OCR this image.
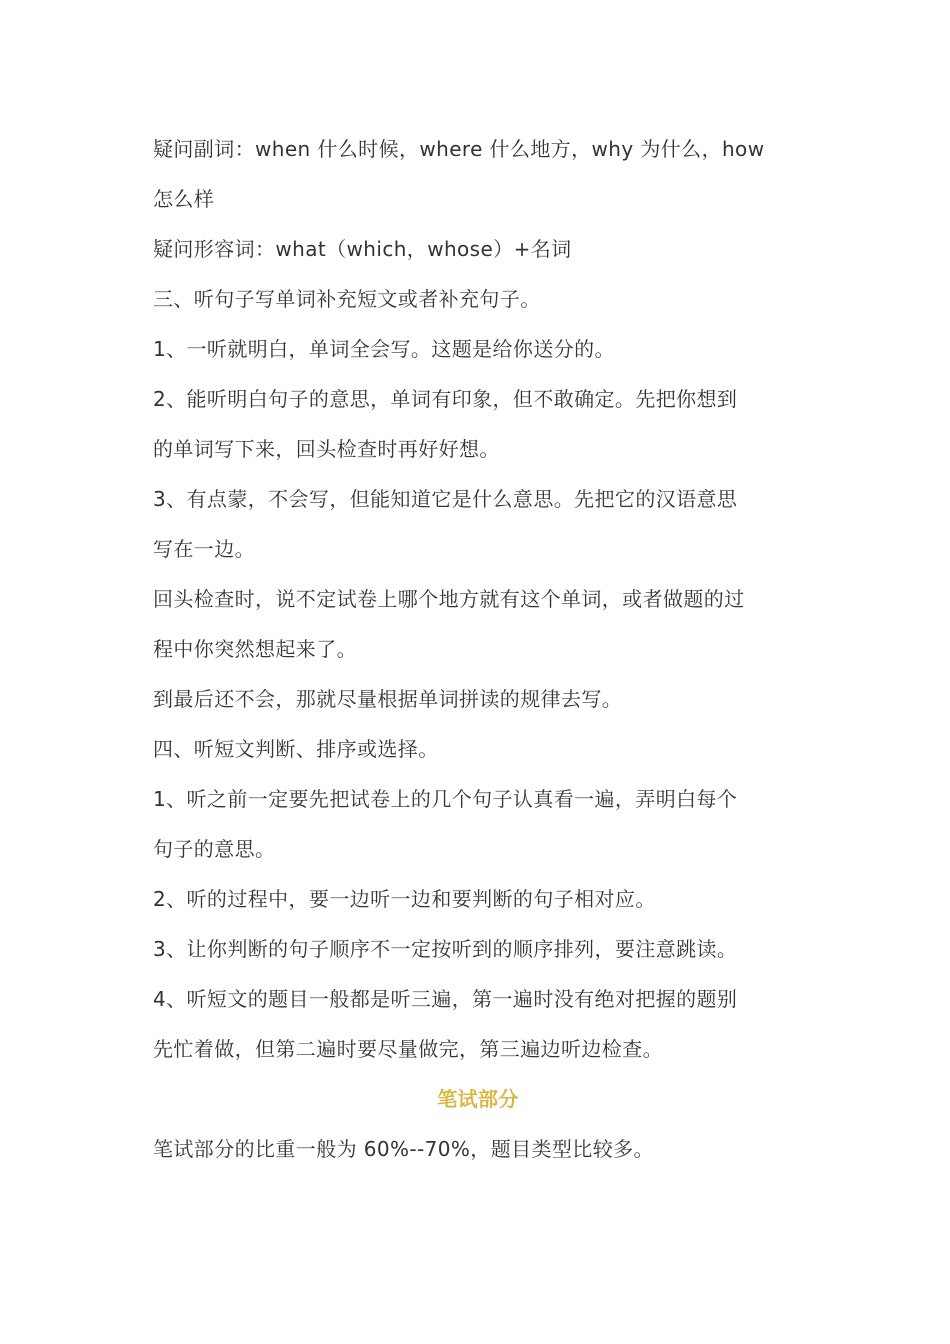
疑问副词：when 什么时候，where 什么地方，why 为什么，how
怎么样
疑问形容词：what（which，whose）+名词
三、听句子写单词补充短文或者补充句子。
1、一听就明白，单词全会写。这题是给你送分的。
2、能听明白句子的意思，单词有印象，但不敢确定。先把你想到
的单词写下来，回头检查时再好好想。
3、有点蒙，不会写，但能知道它是什么意思。先把它的汉语意思
写在一边。
回头检查时，说不定试卷上哪个地方就有这个单词，或者做题的过
程中你突然想起来了。
到最后还不会，那就尽量根据单词拼读的规律去写。
四、听短文判断、排序或选择。
1、听之前一定要先把试卷上的几个句子认真看一遍，弄明白每个
句子的意思。
2、听的过程中，要一边听一边和要判断的句子相对应。
3、让你判断的句子顺序不一定按听到的顺序排列，要注意跳读。
4、听短文的题目一般都是听三遍，第一遍时没有绝对把握的题别
先忙着做，但第二遍时要尽量做完，第三遍边听边检查。
笔试部分
笔试部分的比重一般为 60%--70%，题目类型比较多。
